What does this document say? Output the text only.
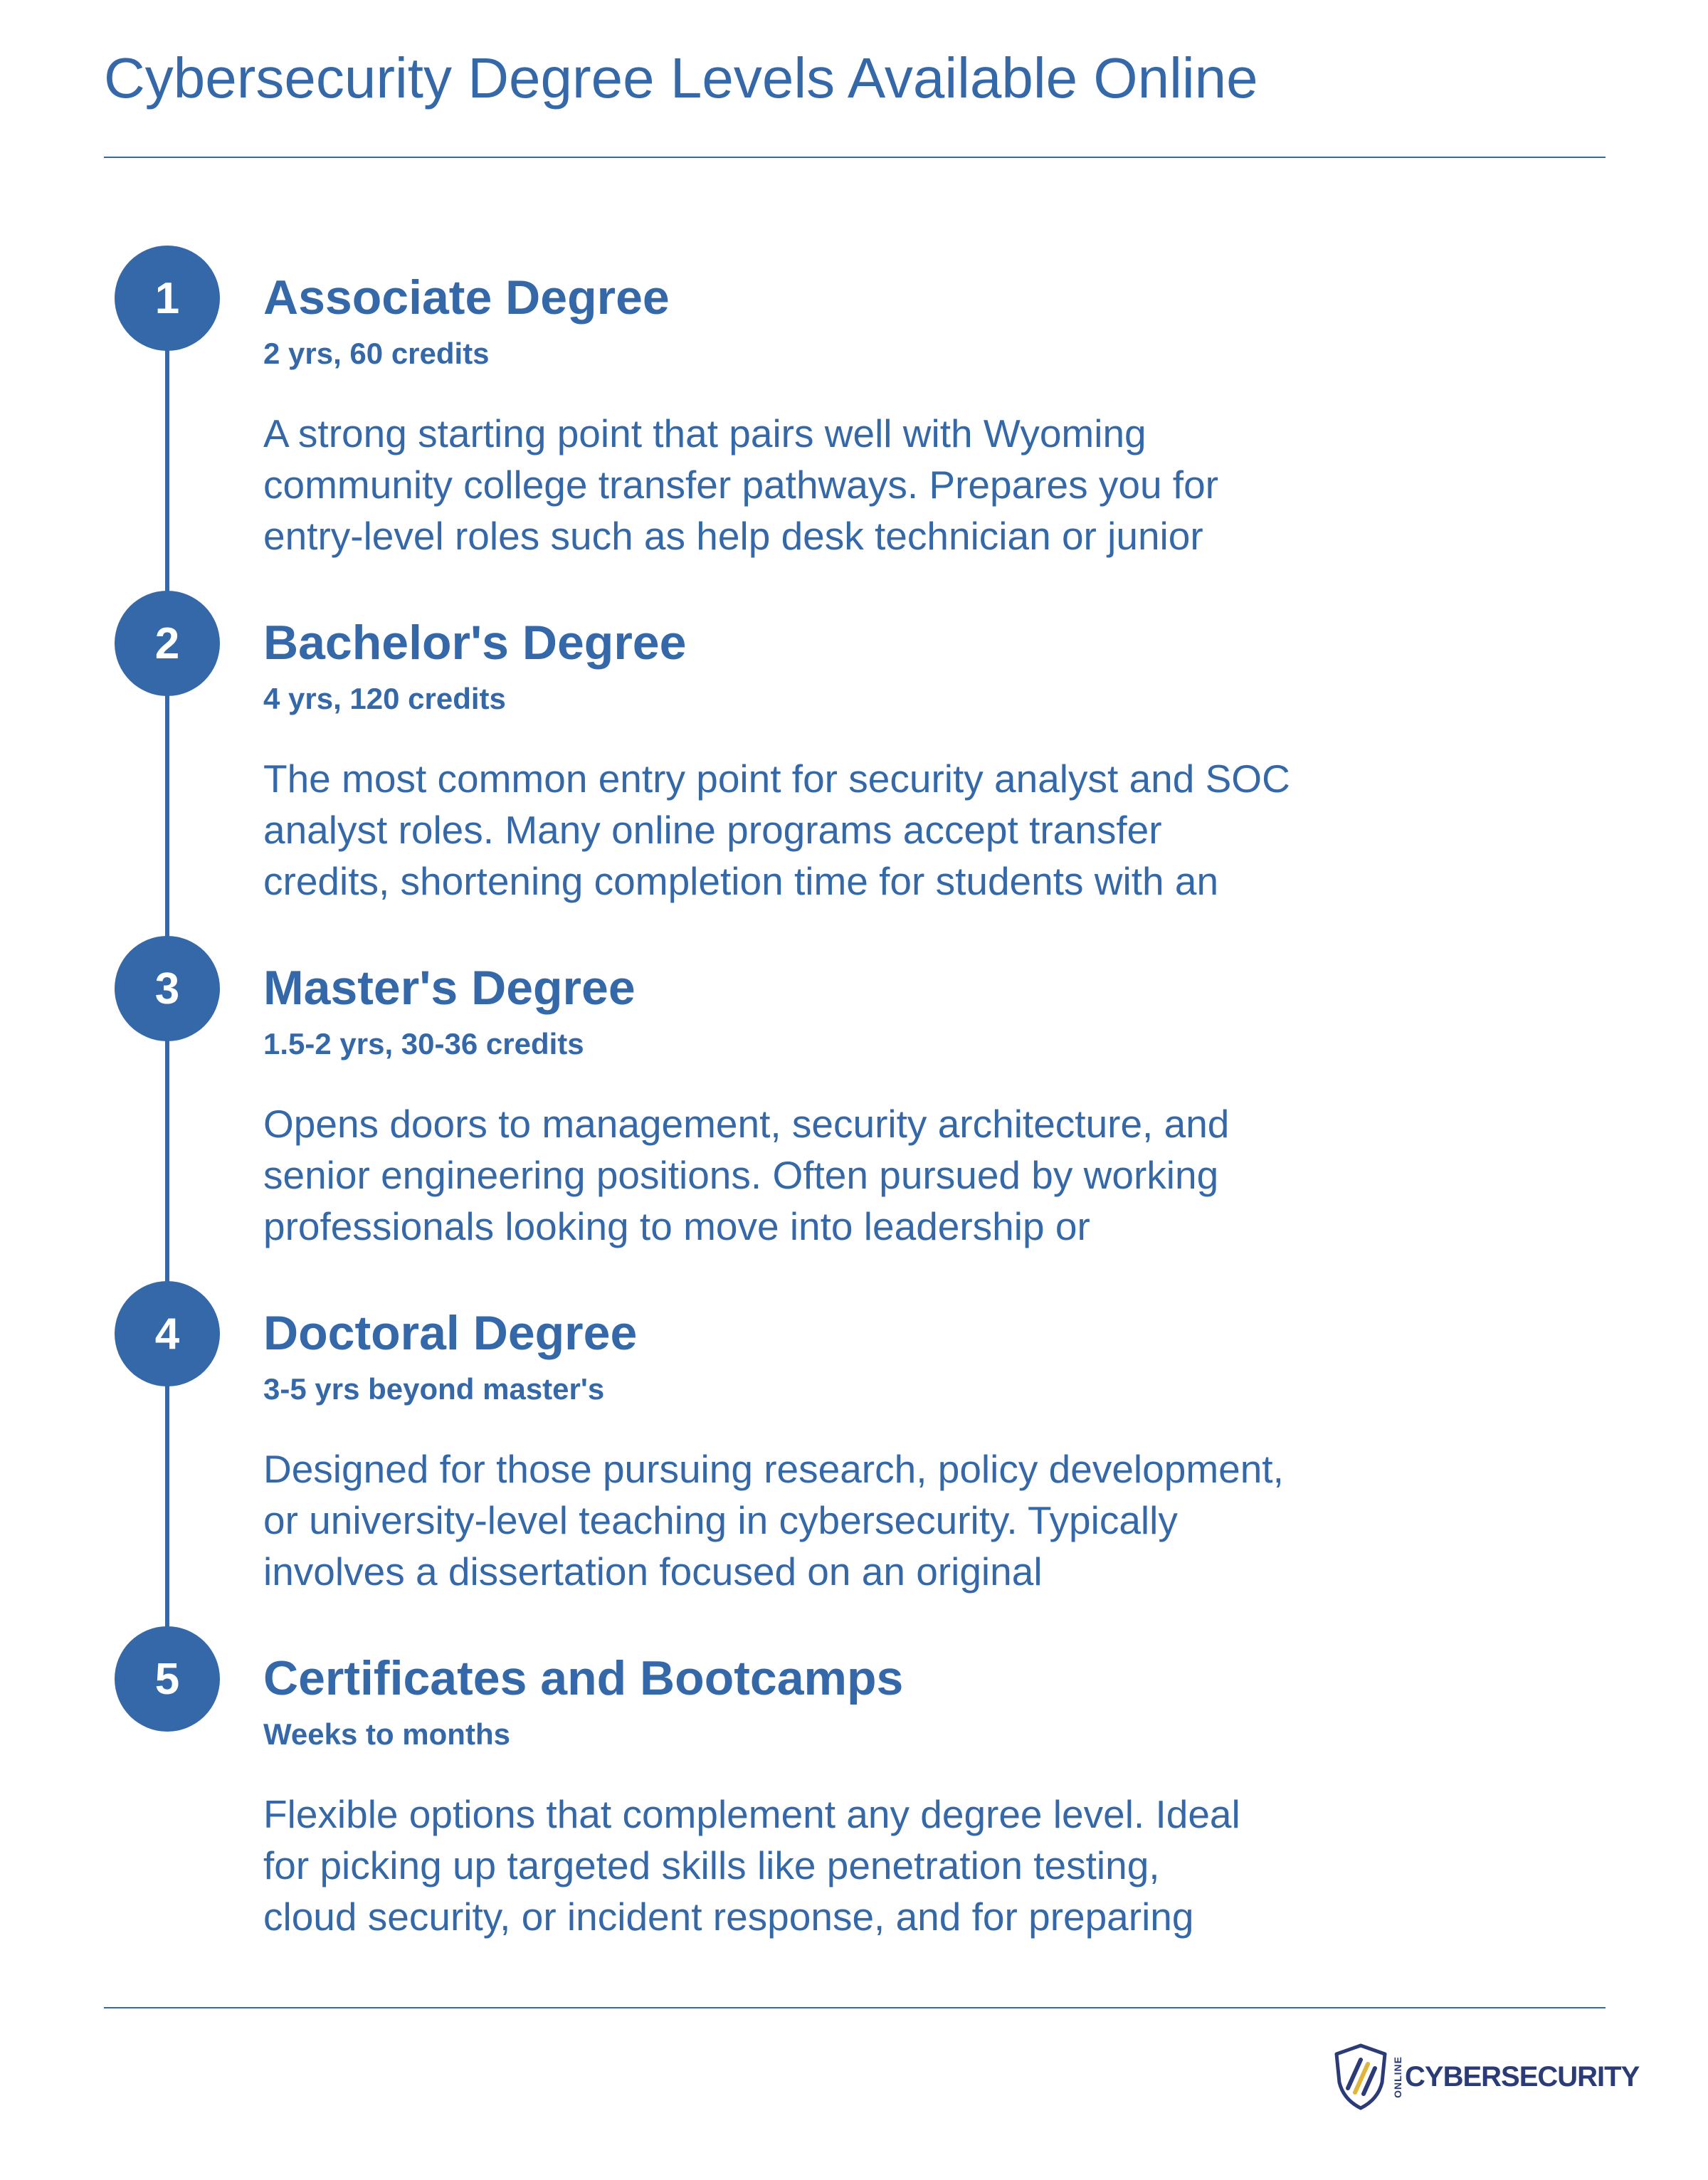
Cybersecurity Degree Levels Available Online
1	Associate Degree
2 yrs, 60 credits

A strong starting point that pairs well with Wyoming
community college transfer pathways. Prepares you for
entry-level roles such as help desk technician or junior

2	Bachelor's Degree
4 yrs, 120 credits

The most common entry point for security analyst and SOC
analyst roles. Many online programs accept transfer
credits, shortening completion time for students with an

3	Master's Degree
1.5-2 yrs, 30-36 credits

Opens doors to management, security architecture, and
senior engineering positions. Often pursued by working
professionals looking to move into leadership or

4	Doctoral Degree
3-5 yrs beyond master's

Designed for those pursuing research, policy development,
or university-level teaching in cybersecurity. Typically
involves a dissertation focused on an original

5	Certificates and Bootcamps
Weeks to months

Flexible options that complement any degree level. Ideal
for picking up targeted skills like penetration testing,
cloud security, or incident response, and for preparing

ONLINE CYBERSECURITY
